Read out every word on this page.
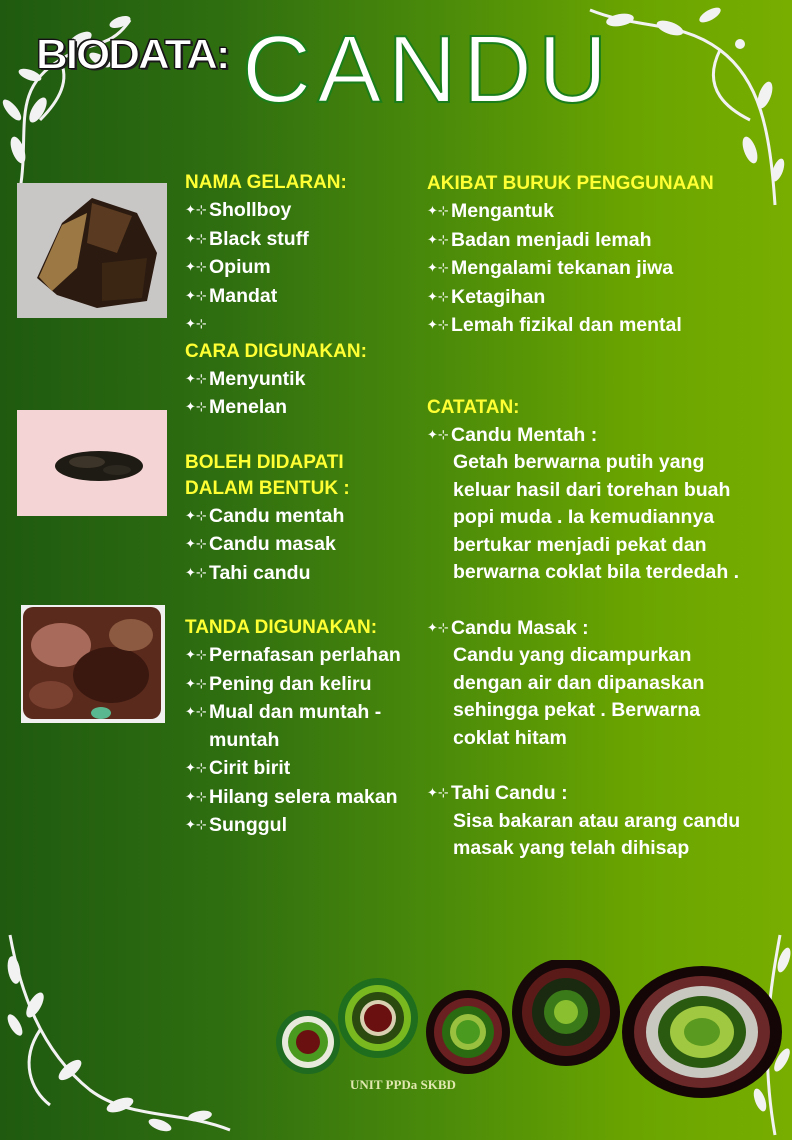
BIODATA: CANDU
NAMA GELARAN:
✦⊹ Shollboy
✦⊹ Black stuff
✦⊹ Opium
✦⊹ Mandat
✦⊹
CARA DIGUNAKAN:
✦⊹ Menyuntik
✦⊹ Menelan
BOLEH DIDAPATI
DALAM BENTUK :
✦⊹ Candu mentah
✦⊹ Candu masak
✦⊹ Tahi candu
TANDA DIGUNAKAN:
✦⊹ Pernafasan perlahan
✦⊹ Pening dan keliru
✦⊹ Mual dan muntah -
muntah
✦⊹ Cirit birit
✦⊹ Hilang selera makan
✦⊹ Sunggul
AKIBAT BURUK PENGGUNAAN
✦⊹ Mengantuk
✦⊹ Badan menjadi lemah
✦⊹ Mengalami tekanan jiwa
✦⊹ Ketagihan
✦⊹ Lemah fizikal dan mental
CATATAN:
✦⊹ Candu Mentah :
Getah berwarna putih yang
keluar hasil dari torehan buah
popi muda . Ia kemudiannya
bertukar menjadi pekat dan
berwarna coklat bila terdedah .
✦⊹ Candu Masak :
Candu yang dicampurkan
dengan air dan dipanaskan
sehingga pekat . Berwarna
coklat hitam
✦⊹ Tahi Candu :
Sisa bakaran atau arang candu
masak yang telah dihisap
UNIT PPDa SKBD
